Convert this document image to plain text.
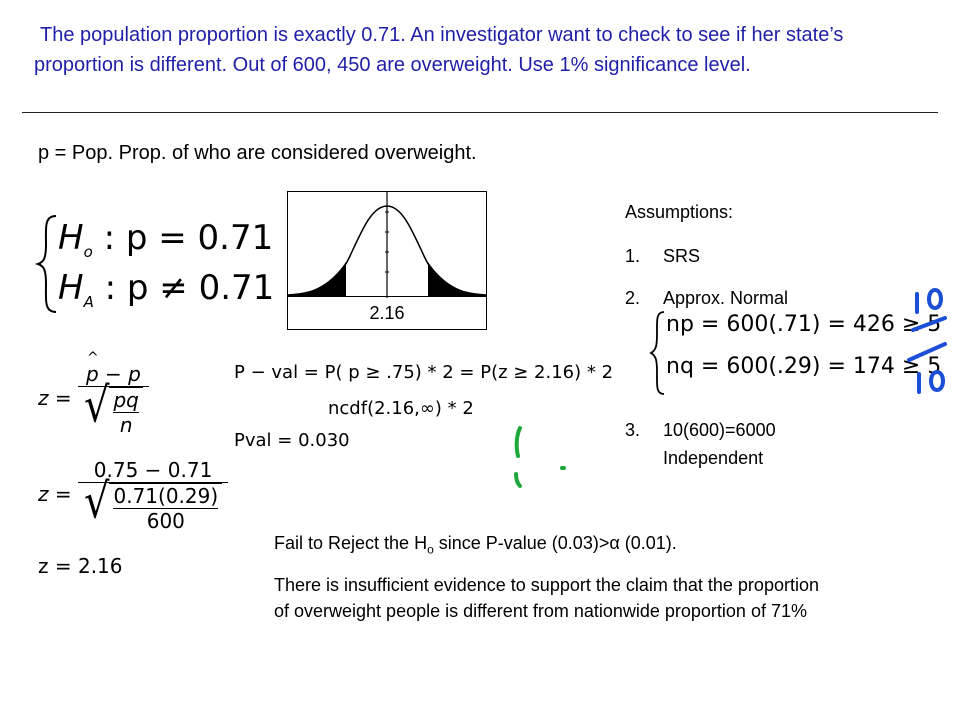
The population proportion is exactly 0.71. An investigator want to check to see if her state’s proportion is different. Out of 600, 450 are overweight. Use 1% significance level.
p = Pop. Prop. of who are considered overweight.
$H_o$ : p = 0.71
$H_A$ : p ≠ 0.71
2.16
Assumptions:
1. SRS
2. Approx. Normal
np = 600(.71) = 426 ≥ 5
nq = 600(.29) = 174 ≥ 5
3. 10(600)=6000
Independent
z =
^ p − p
√ pq
n
z = 0.75 − 0.71
√ 0.71(0.29)
600
z = 2.16
P − val = P( p ≥ .75) * 2 = P(z ≥ 2.16) * 2
ncdf(2.16,∞) * 2
Pval = 0.030
Fail to Reject the $H_o$ since P-value (0.03)>α (0.01).
There is insufficient evidence to support the claim that the proportion of overweight people is different from nationwide proportion of 71%
